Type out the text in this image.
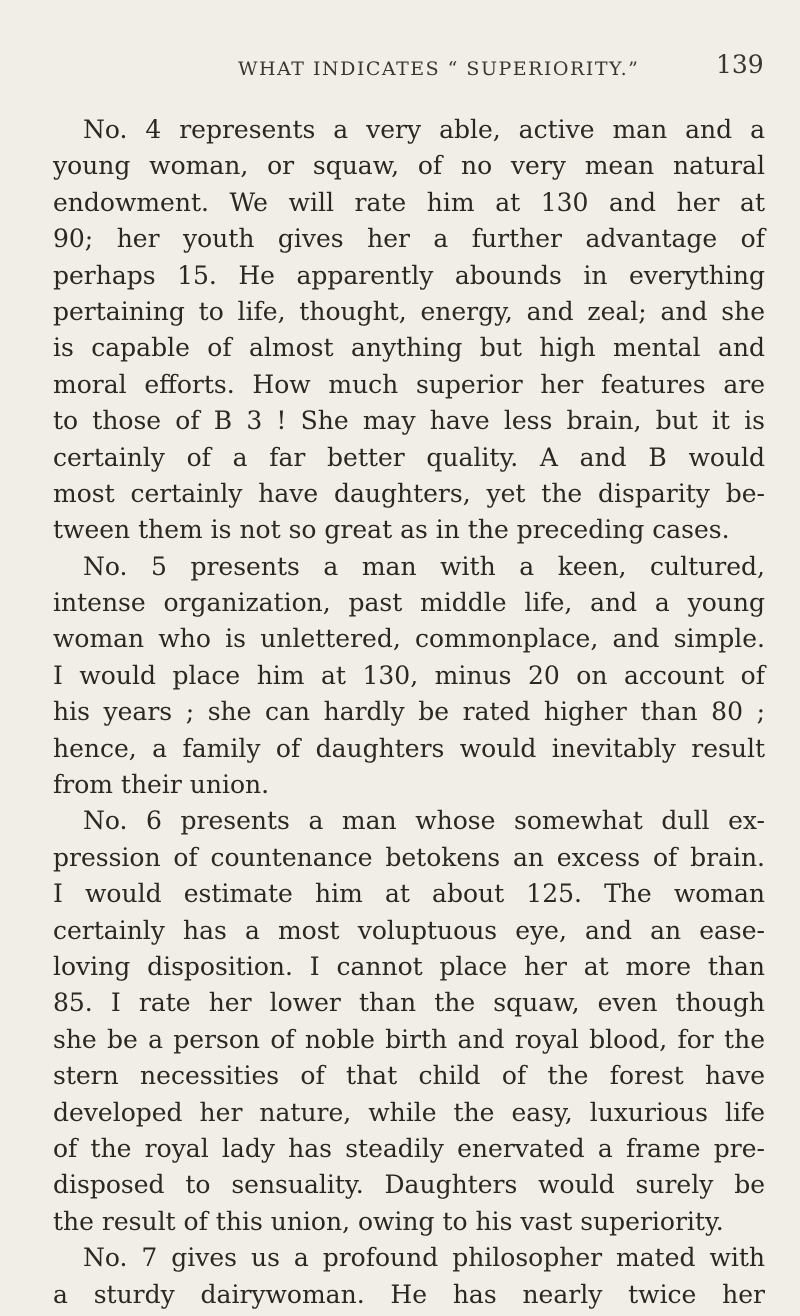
WHAT INDICATES “ SUPERIORITY.”	139
No. 4 represents a very able, active man and a
young woman, or squaw, of no very mean natural
endowment. We will rate him at 130 and her at
90; her youth gives her a further advantage of
perhaps 15. He apparently abounds in everything
pertaining to life, thought, energy, and zeal; and she
is capable of almost anything but high mental and
moral efforts. How much superior her features are
to those of B 3 ! She may have less brain, but it is
certainly of a far better quality. A and B would
most certainly have daughters, yet the disparity be-
tween them is not so great as in the preceding cases.
No. 5 presents a man with a keen, cultured,
intense organization, past middle life, and a young
woman who is unlettered, commonplace, and simple.
I would place him at 130, minus 20 on account of
his years ; she can hardly be rated higher than 80 ;
hence, a family of daughters would inevitably result
from their union.
No. 6 presents a man whose somewhat dull ex-
pression of countenance betokens an excess of brain.
I would estimate him at about 125. The woman
certainly has a most voluptuous eye, and an ease-
loving disposition. I cannot place her at more than
85. I rate her lower than the squaw, even though
she be a person of noble birth and royal blood, for the
stern necessities of that child of the forest have
developed her nature, while the easy, luxurious life
of the royal lady has steadily enervated a frame pre-
disposed to sensuality. Daughters would surely be
the result of this union, owing to his vast superiority.
No. 7 gives us a profound philosopher mated with
a sturdy dairywoman. He has nearly twice her
